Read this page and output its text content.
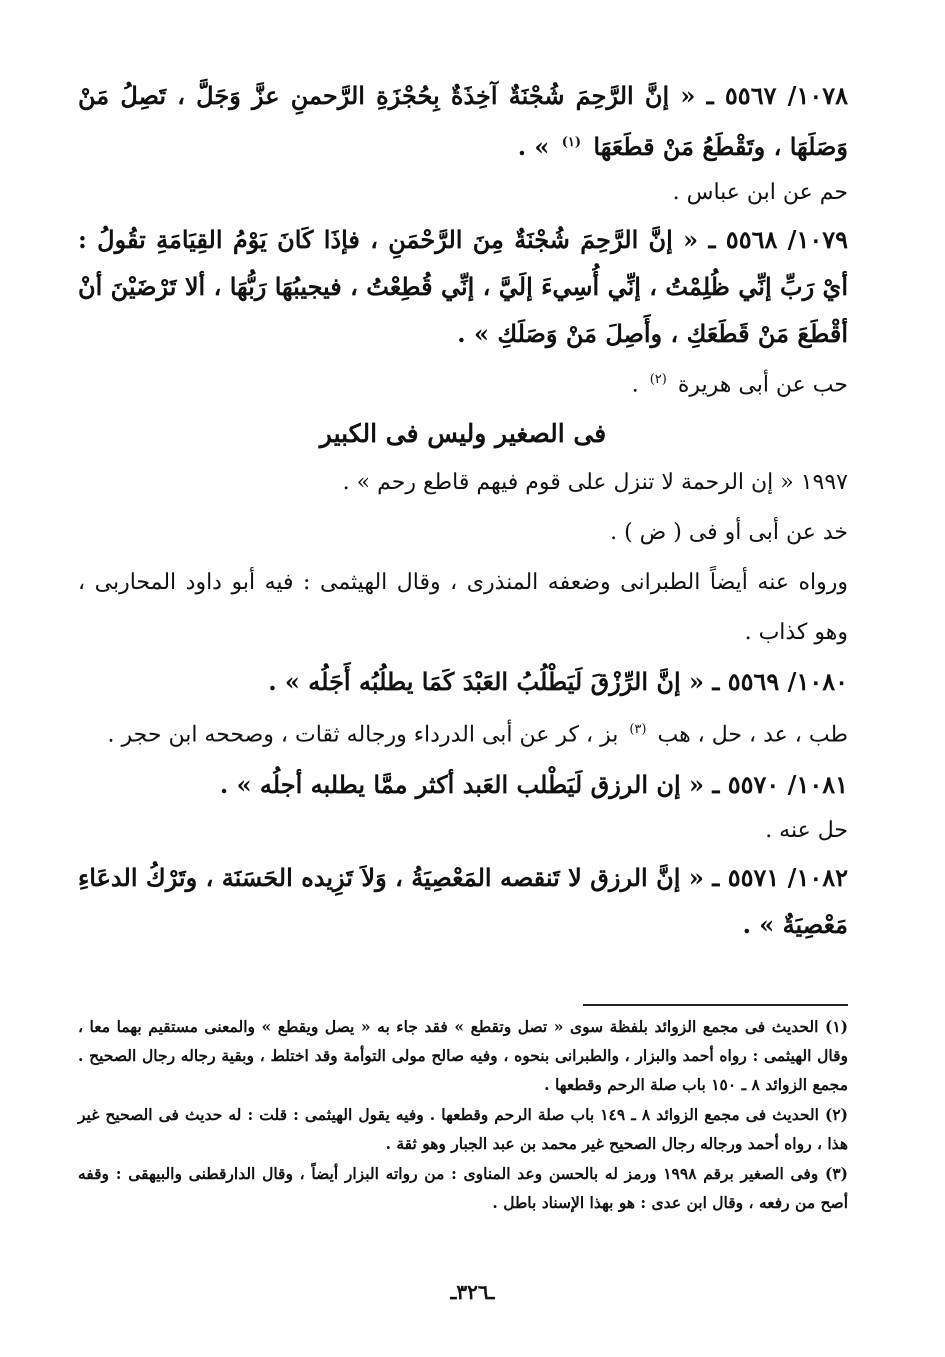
١٠٧٨/ ٥٥٦٧ ـ « إنَّ الرَّحِمَ شُجْنَةٌ آخِذَةٌ بِحُجْزَةِ الرَّحمنِ عزَّ وَجَلَّ ، تَصِلُ مَنْ وَصَلَهَا ، وتَقْطَعُ مَنْ قطَعَهَا $^{(١)}$ » .

حم عن ابن عباس .

١٠٧٩/ ٥٥٦٨ ـ « إنَّ الرَّحِمَ شُجْنَةٌ مِنَ الرَّحْمَنِ ، فإذَا كَانَ يَوْمُ القِيَامَةِ تقُولُ : أيْ رَبِّ إنِّي ظُلِمْتُ ، إنِّي أُسِيءَ إلَيَّ ، إنِّي قُطِعْتُ ، فيجيبُهَا رَبُّهَا ، ألا تَرْضَيْنَ أنْ أقْطَعَ مَنْ قَطَعَكِ ، وأَصِلَ مَنْ وَصَلَكِ » .

حب عن أبى هريرة $^{(٢)}$ .

فى الصغير وليس فى الكبير

١٩٩٧ « إن الرحمة لا تنزل على قوم فيهم قاطع رحم » .

خد عن أبى أو فى ( ض ) .

ورواه عنه أيضاً الطبرانى وضعفه المنذرى ، وقال الهيثمى : فيه أبو داود المحاربى ، وهو كذاب .

١٠٨٠/ ٥٥٦٩ ـ « إنَّ الرِّزْقَ لَيَطْلُبُ العَبْدَ كَمَا يطلُبُه أَجَلُه » .

طب ، عد ، حل ، هب $^{(٣)}$ بز ، كر عن أبى الدرداء ورجاله ثقات ، وصححه ابن حجر .

١٠٨١/ ٥٥٧٠ ـ « إن الرزق لَيَطْلب العَبد أكثر ممَّا يطلبه أجلُه » .

حل عنه .

١٠٨٢/ ٥٥٧١ ـ « إنَّ الرزق لا تَنقصه المَعْصِيَةُ ، وَلاَ تَزِيده الحَسَنَة ، وتَرْكُ الدعَاءِ مَعْصِيَةٌ » .

(١) الحديث فى مجمع الزوائد بلفظة سوى « تصل وتقطع » فقد جاء به « يصل ويقطع » والمعنى مستقيم بهما معا ، وقال الهيثمى : رواه أحمد والبزار ، والطبرانى بنحوه ، وفيه صالح مولى التوأمة وقد اختلط ، وبقية رجاله رجال الصحيح . مجمع الزوائد ٨ ـ ١٥٠ باب صلة الرحم وقطعها .

(٢) الحديث فى مجمع الزوائد ٨ ـ ١٤٩ باب صلة الرحم وقطعها . وفيه يقول الهيثمى : قلت : له حديث فى الصحيح غير هذا ، رواه أحمد ورجاله رجال الصحيح غير محمد بن عبد الجبار وهو ثقة .

(٣) وفى الصغير برقم ١٩٩٨ ورمز له بالحسن وعد المناوى : من رواته البزار أيضاً ، وقال الدارقطنى والبيهقى : وقفه أصح من رفعه ، وقال ابن عدى : هو بهذا الإسناد باطل .

ـ٣٢٦ـ
